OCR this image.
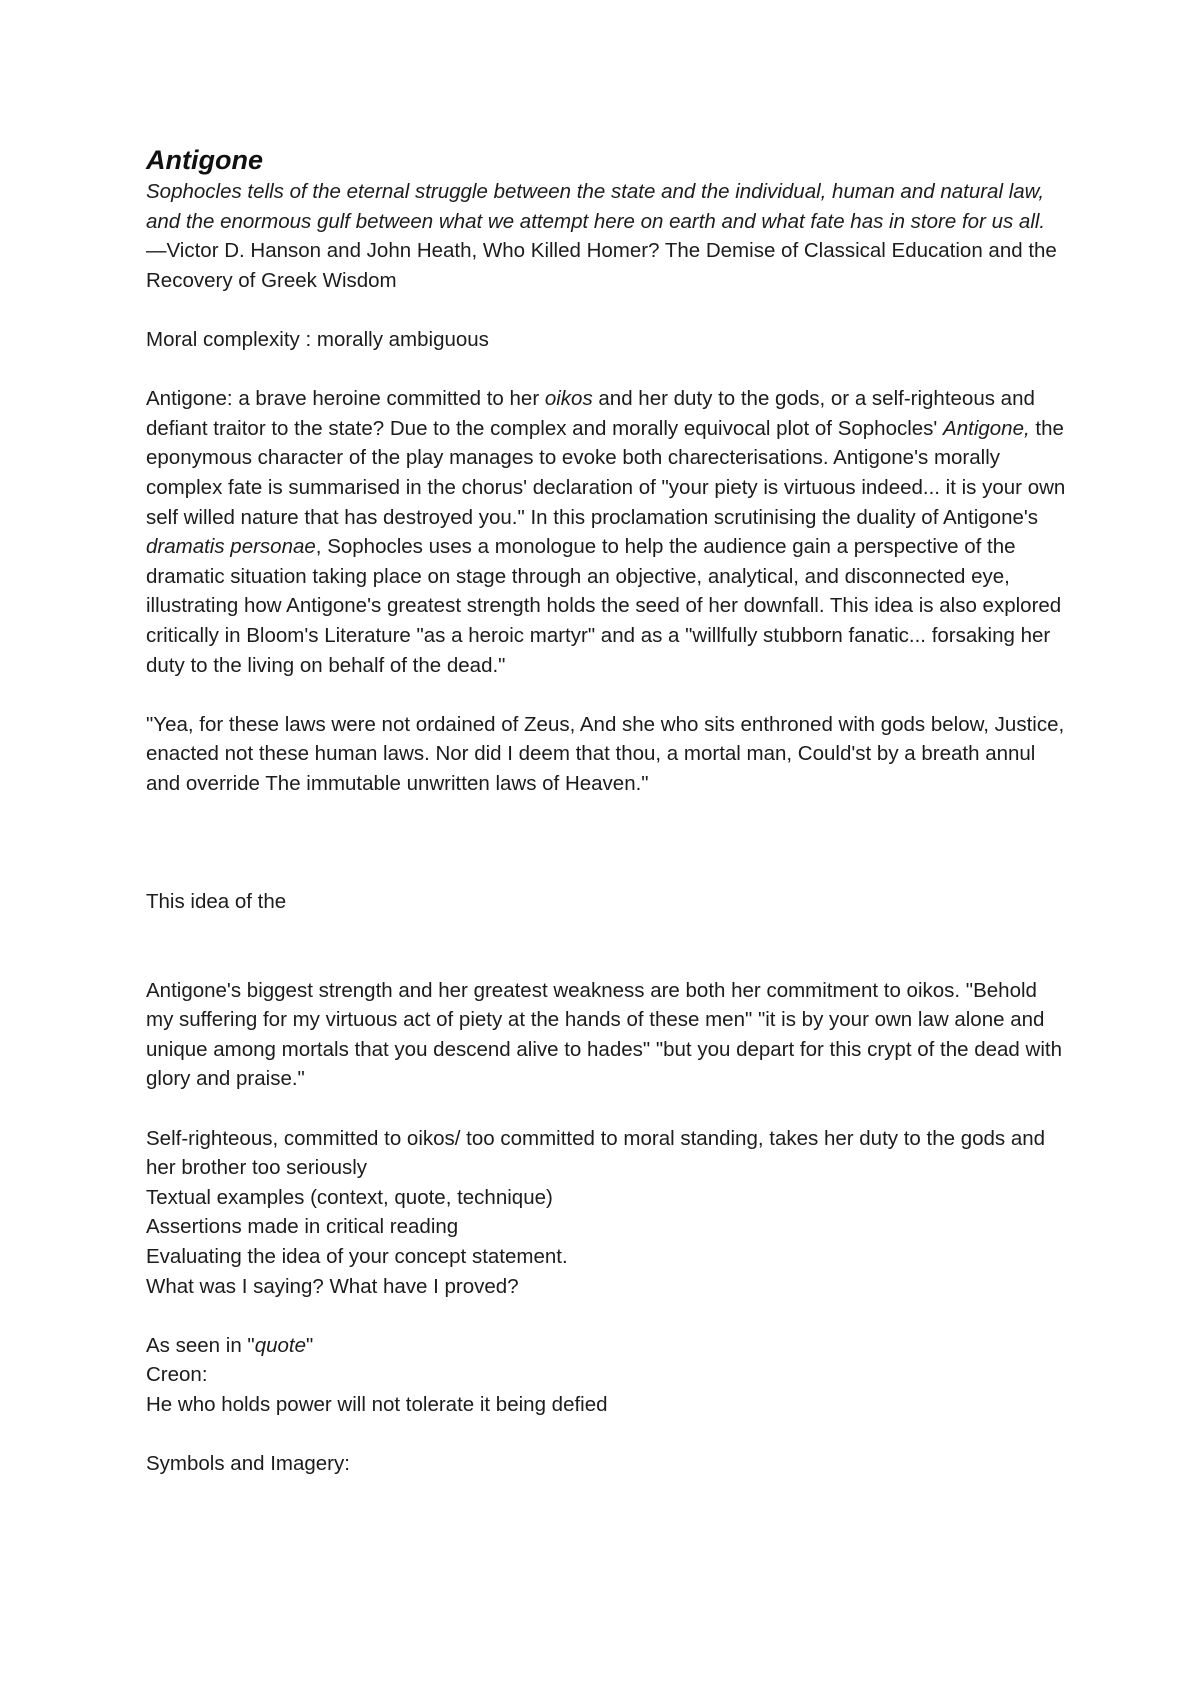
Antigone

Sophocles tells of the eternal struggle between the state and the individual, human and natural law, and the enormous gulf between what we attempt here on earth and what fate has in store for us all.

—Victor D. Hanson and John Heath, Who Killed Homer? The Demise of Classical Education and the Recovery of Greek Wisdom

Moral complexity : morally ambiguous

Antigone: a brave heroine committed to her oikos and her duty to the gods, or a self-righteous and defiant traitor to the state? Due to the complex and morally equivocal plot of Sophocles' Antigone, the eponymous character of the play manages to evoke both charecterisations. Antigone's morally complex fate is summarised in the chorus' declaration of "your piety is virtuous indeed... it is your own self willed nature that has destroyed you." In this proclamation scrutinising the duality of Antigone's dramatis personae, Sophocles uses a monologue to help the audience gain a perspective of the dramatic situation taking place on stage through an objective, analytical, and disconnected eye, illustrating how Antigone's greatest strength holds the seed of her downfall. This idea is also explored critically in Bloom's Literature "as a heroic martyr" and as a "willfully stubborn fanatic... forsaking her duty to the living on behalf of the dead."

"Yea, for these laws were not ordained of Zeus, And she who sits enthroned with gods below, Justice, enacted not these human laws. Nor did I deem that thou, a mortal man, Could'st by a breath annul and override The immutable unwritten laws of Heaven."

This idea of the

Antigone's biggest strength and her greatest weakness are both her commitment to oikos. "Behold my suffering for my virtuous act of piety at the hands of these men" "it is by your own law alone and unique among mortals that you descend alive to hades" "but you depart for this crypt of the dead with glory and praise."

Self-righteous, committed to oikos/ too committed to moral standing, takes her duty to the gods and her brother too seriously

Textual examples (context, quote, technique)

Assertions made in critical reading

Evaluating the idea of your concept statement.

What was I saying? What have I proved?

As seen in "quote"

Creon:

He who holds power will not tolerate it being defied

Symbols and Imagery:
